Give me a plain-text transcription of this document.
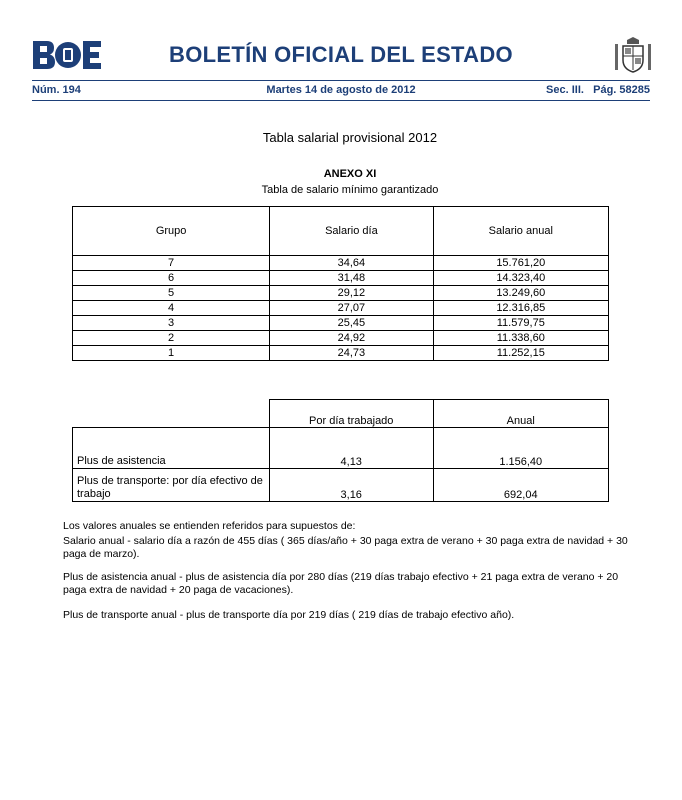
BOLETÍN OFICIAL DEL ESTADO
Núm. 194	Martes 14 de agosto de 2012	Sec. III.   Pág. 58285
Tabla salarial provisional 2012
ANEXO XI
Tabla de salario mínimo garantizado
Grupo	Salario día	Salario anual
7	34,64	15.761,20
6	31,48	14.323,40
5	29,12	13.249,60
4	27,07	12.316,85
3	25,45	11.579,75
2	24,92	11.338,60
1	24,73	11.252,15
	Por día trabajado	Anual
Plus de asistencia	4,13	1.156,40
Plus de transporte: por día efectivo de trabajo	3,16	692,04

Los valores anuales se entienden referidos para supuestos de:

Salario anual - salario día a razón de 455 días ( 365 días/año + 30 paga extra de verano + 30 paga extra de navidad + 30 paga de marzo).

Plus de asistencia anual - plus de asistencia día por 280 días (219 días trabajo efectivo + 21 paga extra de verano + 20 paga extra de navidad + 20 paga de vacaciones).

Plus de transporte anual - plus de transporte día por 219 días ( 219 días de trabajo efectivo año).
